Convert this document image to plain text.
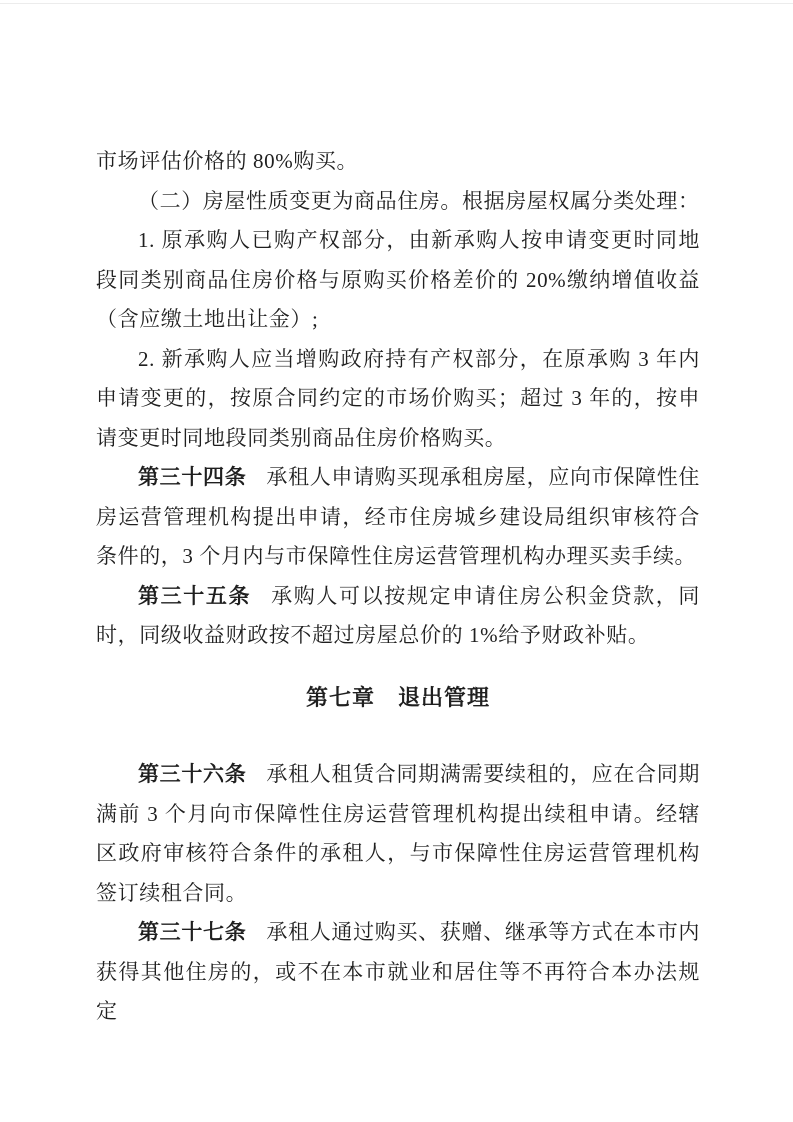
市场评估价格的 80%购买。

（二）房屋性质变更为商品住房。根据房屋权属分类处理：

1. 原承购人已购产权部分，由新承购人按申请变更时同地段同类别商品住房价格与原购买价格差价的 20%缴纳增值收益（含应缴土地出让金）;

2. 新承购人应当增购政府持有产权部分，在原承购 3 年内申请变更的，按原合同约定的市场价购买；超过 3 年的，按申请变更时同地段同类别商品住房价格购买。

第三十四条 承租人申请购买现承租房屋，应向市保障性住房运营管理机构提出申请，经市住房城乡建设局组织审核符合条件的，3 个月内与市保障性住房运营管理机构办理买卖手续。

第三十五条 承购人可以按规定申请住房公积金贷款，同时，同级收益财政按不超过房屋总价的 1%给予财政补贴。

第七章　退出管理

第三十六条 承租人租赁合同期满需要续租的，应在合同期满前 3 个月向市保障性住房运营管理机构提出续租申请。经辖区政府审核符合条件的承租人，与市保障性住房运营管理机构签订续租合同。

第三十七条 承租人通过购买、获赠、继承等方式在本市内获得其他住房的，或不在本市就业和居住等不再符合本办法规定
